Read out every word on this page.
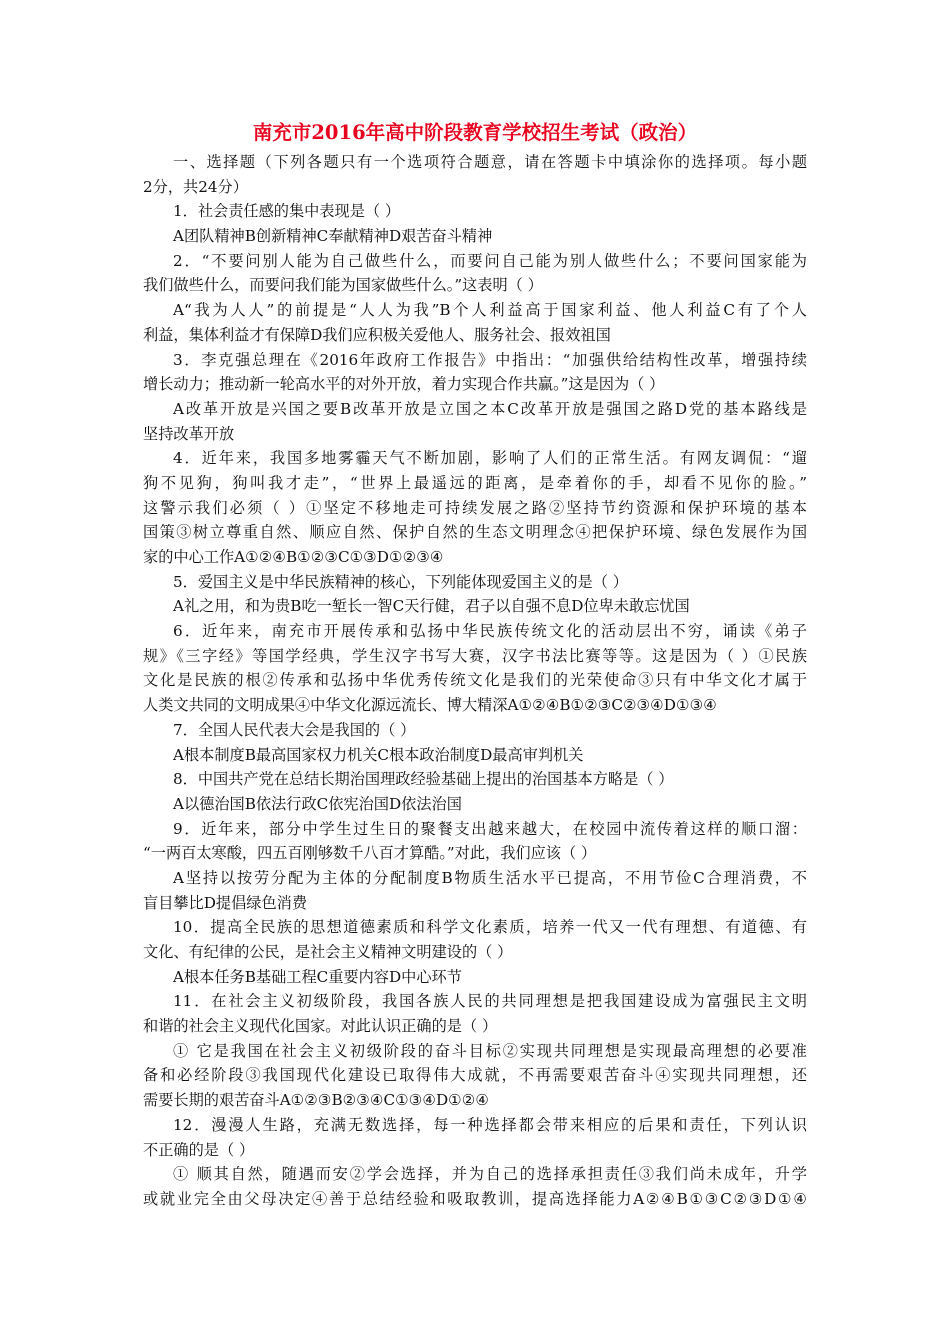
南充市2016年高中阶段教育学校招生考试（政治）
一、选择题（下列各题只有一个选项符合题意，请在答题卡中填涂你的选择项。每小题
2分，共24分）
1．社会责任感的集中表现是（ ）
A团队精神B创新精神C奉献精神D艰苦奋斗精神
2．“不要问别人能为自己做些什么，而要问自己能为别人做些什么；不要问国家能为
我们做些什么，而要问我们能为国家做些什么。”这表明（ ）
A“我为人人”的前提是“人人为我”B个人利益高于国家利益、他人利益C有了个人
利益，集体利益才有保障D我们应积极关爱他人、服务社会、报效祖国
3．李克强总理在《2016年政府工作报告》中指出：“加强供给结构性改革，增强持续
增长动力；推动新一轮高水平的对外开放，着力实现合作共赢。”这是因为（ ）
A改革开放是兴国之要B改革开放是立国之本C改革开放是强国之路D党的基本路线是
坚持改革开放
4．近年来，我国多地雾霾天气不断加剧，影响了人们的正常生活。有网友调侃：“遛
狗不见狗，狗叫我才走”，“世界上最遥远的距离，是牵着你的手，却看不见你的脸。”
这警示我们必须（ ）①坚定不移地走可持续发展之路②坚持节约资源和保护环境的基本
国策③树立尊重自然、顺应自然、保护自然的生态文明理念④把保护环境、绿色发展作为国
家的中心工作A①②④B①②③C①③D①②③④
5．爱国主义是中华民族精神的核心，下列能体现爱国主义的是（ ）
A礼之用，和为贵B吃一堑长一智C天行健，君子以自强不息D位卑未敢忘忧国
6．近年来，南充市开展传承和弘扬中华民族传统文化的活动层出不穷，诵读《弟子
规》《三字经》等国学经典，学生汉字书写大赛，汉字书法比赛等等。这是因为（ ）①民族
文化是民族的根②传承和弘扬中华优秀传统文化是我们的光荣使命③只有中华文化才属于
人类文共同的文明成果④中华文化源远流长、博大精深A①②④B①②③C②③④D①③④
7．全国人民代表大会是我国的（ ）
A根本制度B最高国家权力机关C根本政治制度D最高审判机关
8．中国共产党在总结长期治国理政经验基础上提出的治国基本方略是（ ）
A以德治国B依法行政C依宪治国D依法治国
9．近年来，部分中学生过生日的聚餐支出越来越大，在校园中流传着这样的顺口溜：
“一两百太寒酸，四五百刚够数千八百才算酷。”对此，我们应该（ ）
A坚持以按劳分配为主体的分配制度B物质生活水平已提高，不用节俭C合理消费，不
盲目攀比D提倡绿色消费
10．提高全民族的思想道德素质和科学文化素质，培养一代又一代有理想、有道德、有
文化、有纪律的公民，是社会主义精神文明建设的（ ）
A根本任务B基础工程C重要内容D中心环节
11．在社会主义初级阶段，我国各族人民的共同理想是把我国建设成为富强民主文明
和谐的社会主义现代化国家。对此认识正确的是（ ）
① 它是我国在社会主义初级阶段的奋斗目标②实现共同理想是实现最高理想的必要准
备和必经阶段③我国现代化建设已取得伟大成就，不再需要艰苦奋斗④实现共同理想，还
需要长期的艰苦奋斗A①②③B②③④C①③④D①②④
12．漫漫人生路，充满无数选择，每一种选择都会带来相应的后果和责任，下列认识
不正确的是（ ）
① 顺其自然，随遇而安②学会选择，并为自己的选择承担责任③我们尚未成年，升学
或就业完全由父母决定④善于总结经验和吸取教训，提高选择能力A②④B①③C②③D①④
